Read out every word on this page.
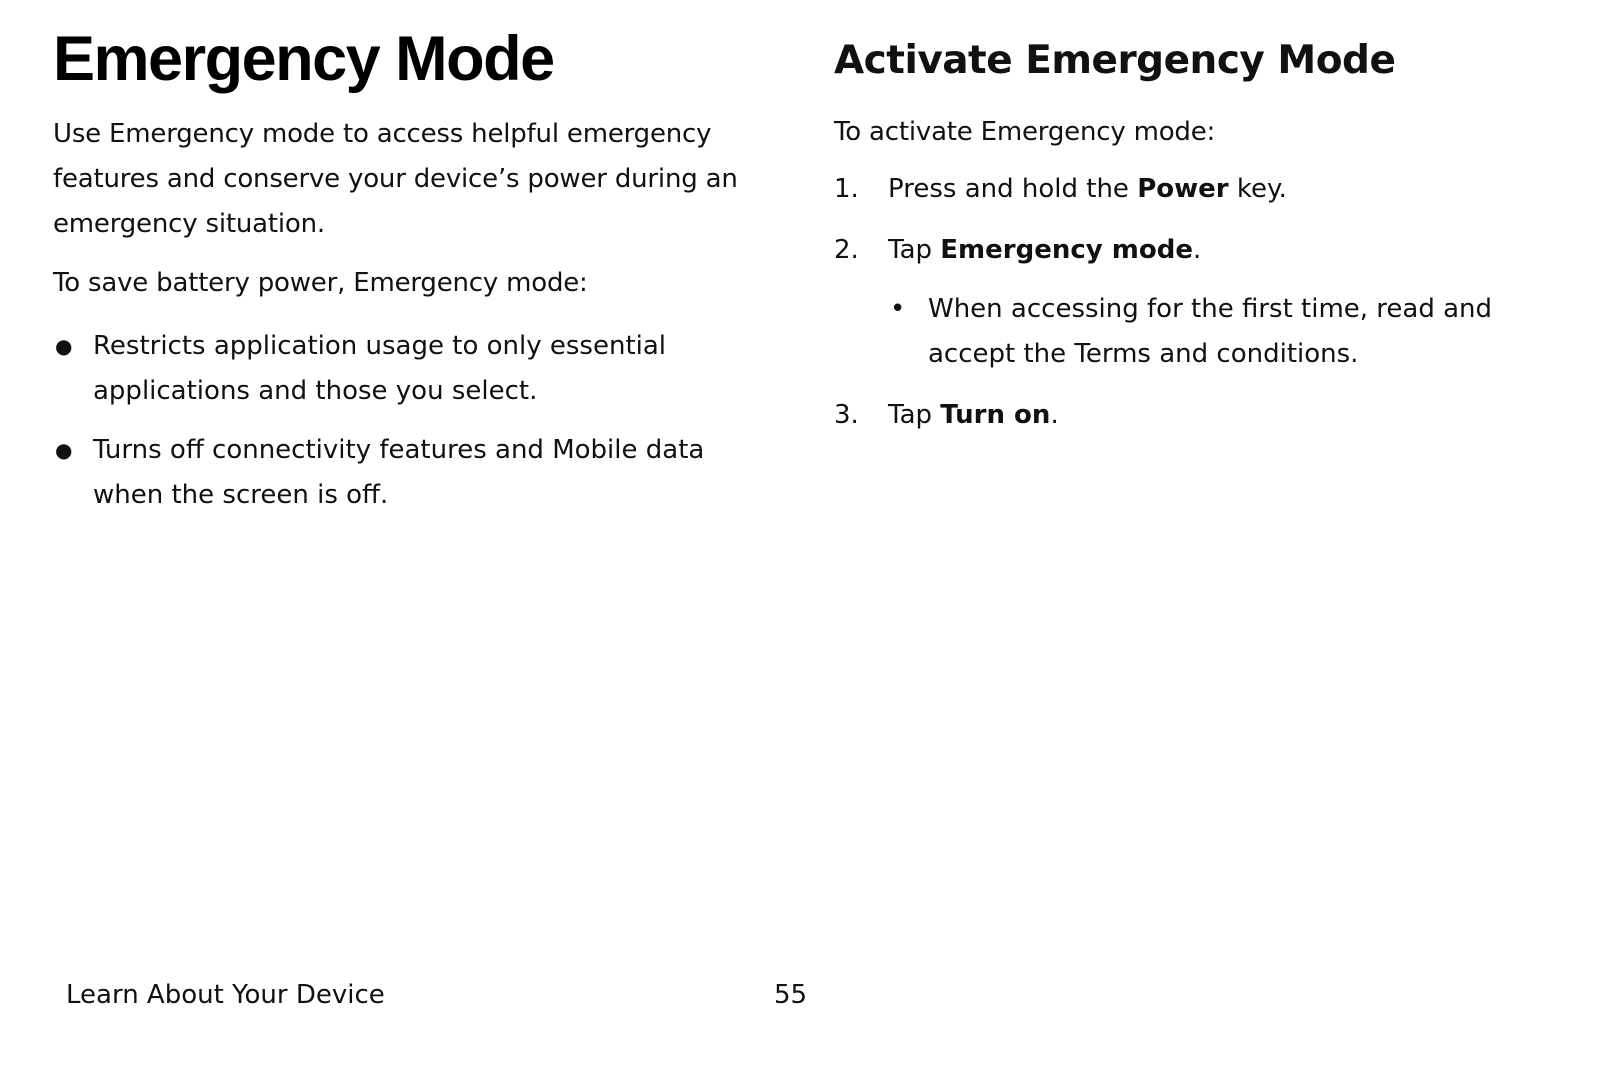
Emergency Mode

Use Emergency mode to access helpful emergency features and conserve your device’s power during an emergency situation.

To save battery power, Emergency mode:

● Restricts application usage to only essential applications and those you select.
● Turns off connectivity features and Mobile data when the screen is off.
Activate Emergency Mode

To activate Emergency mode:

1. Press and hold the Power key.
2. Tap Emergency mode.
• When accessing for the first time, read and accept the Terms and conditions.
3. Tap Turn on.
Learn About Your Device	55
